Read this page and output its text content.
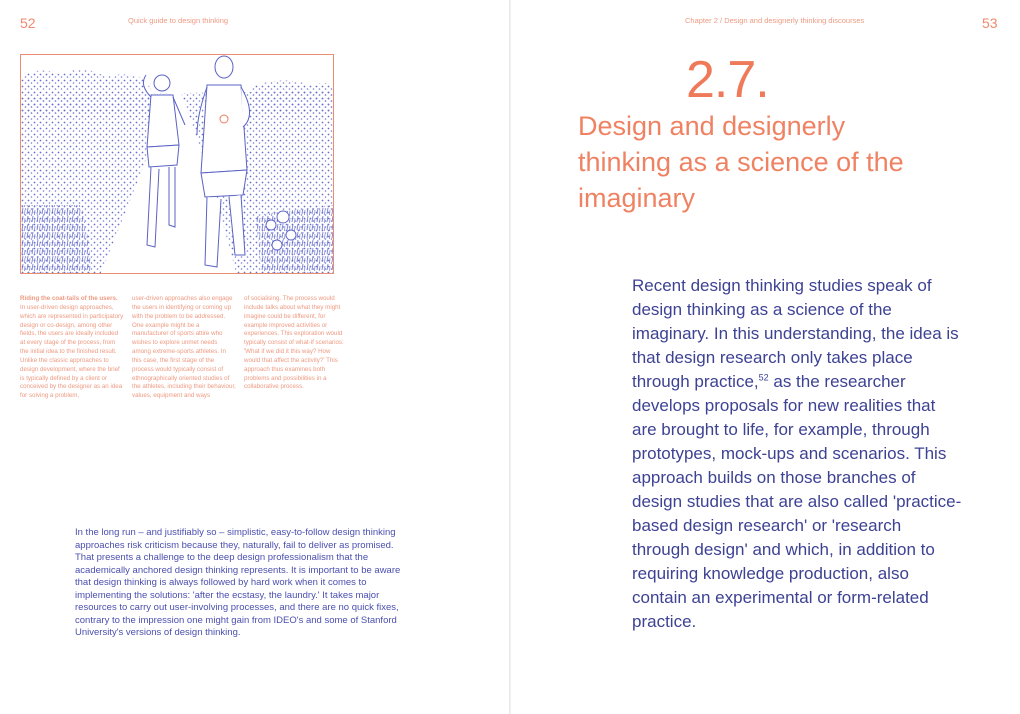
52	Quick guide to design thinking
Riding the coat-tails of the users. In user-driven design approaches, which are represented in participatory design or co-design, among other fields, the users are ideally included at every stage of the process, from the initial idea to the finished result. Unlike the classic approaches to design development, where the brief is typically defined by a client or conceived by the designer as an idea for solving a problem,
user-driven approaches also engage the users in identifying or coming up with the problem to be addressed. One example might be a manufacturer of sports attire who wishes to explore unmet needs among extreme-sports athletes. In this case, the first stage of the process would typically consist of ethnographically oriented studies of the athletes, including their behaviour, values, equipment and ways
of socialising. The process would include talks about what they might imagine could be different, for example improved activities or experiences. This exploration would typically consist of what-if scenarios: 'What if we did it this way? How would that affect the activity?' This approach thus examines both problems and possibilities in a collaborative process.

In the long run – and justifiably so – simplistic, easy-to-follow design thinking approaches risk criticism because they, naturally, fail to deliver as promised. That presents a challenge to the deep design professionalism that the academically anchored design thinking represents. It is important to be aware that design thinking is always followed by hard work when it comes to implementing the solutions: 'after the ecstasy, the laundry.' It takes major resources to carry out user-involving processes, and there are no quick fixes, contrary to the impression one might gain from IDEO's and some of Stanford University's versions of design thinking.

Chapter 2 / Design and designerly thinking discourses	53
2.7.
Design and designerly thinking as a science of the imaginary

Recent design thinking studies speak of design thinking as a science of the imaginary. In this understanding, the idea is that design research only takes place through practice,$^{52}$ as the researcher develops proposals for new realities that are brought to life, for example, through prototypes, mock-ups and scenarios. This approach builds on those branches of design studies that are also called 'practice-based design research' or 'research through design' and which, in addition to requiring knowledge production, also contain an experimental or form-related practice.
